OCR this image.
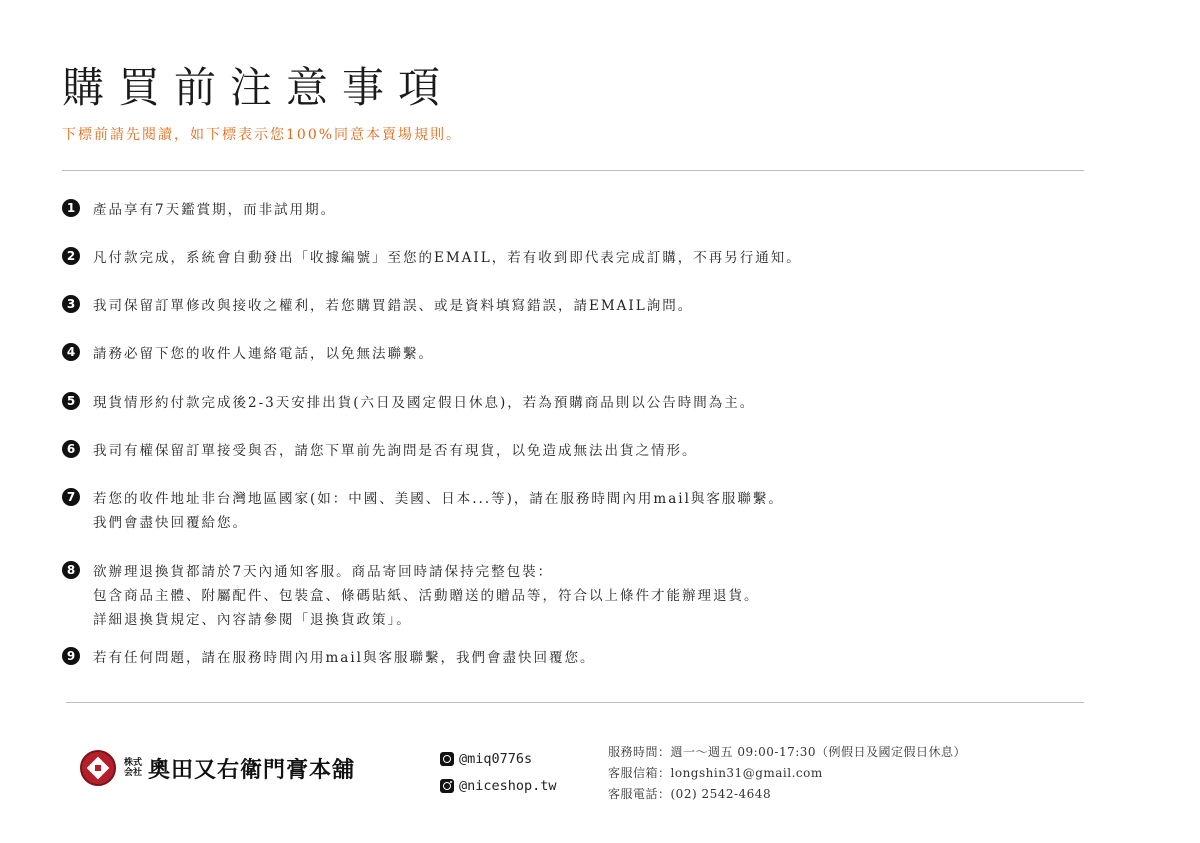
購買前注意事項
下標前請先閱讀，如下標表示您100%同意本賣場規則。
1	產品享有7天鑑賞期，而非試用期。
2	凡付款完成，系統會自動發出「收據編號」至您的EMAIL，若有收到即代表完成訂購，不再另行通知。
3	我司保留訂單修改與接收之權利，若您購買錯誤、或是資料填寫錯誤，請EMAIL詢問。
4	請務必留下您的收件人連絡電話，以免無法聯繫。
5	現貨情形約付款完成後2-3天安排出貨(六日及國定假日休息)，若為預購商品則以公告時間為主。
6	我司有權保留訂單接受與否，請您下單前先詢問是否有現貨，以免造成無法出貨之情形。
7	若您的收件地址非台灣地區國家(如：中國、美國、日本...等)，請在服務時間內用mail與客服聯繫。
我們會盡快回覆給您。
8	欲辦理退換貨都請於7天內通知客服。商品寄回時請保持完整包裝：
包含商品主體、附屬配件、包裝盒、條碼貼紙、活動贈送的贈品等，符合以上條件才能辦理退貨。
詳細退換貨規定、內容請參閱「退換貨政策」。
9	若有任何問題，請在服務時間內用mail與客服聯繫，我們會盡快回覆您。
株式会社 奧田又右衛門膏本舖	@miq0776s
@niceshop.tw
服務時間：週一～週五 09:00-17:30（例假日及國定假日休息）
客服信箱：longshin31@gmail.com
客服電話：(02) 2542-4648
